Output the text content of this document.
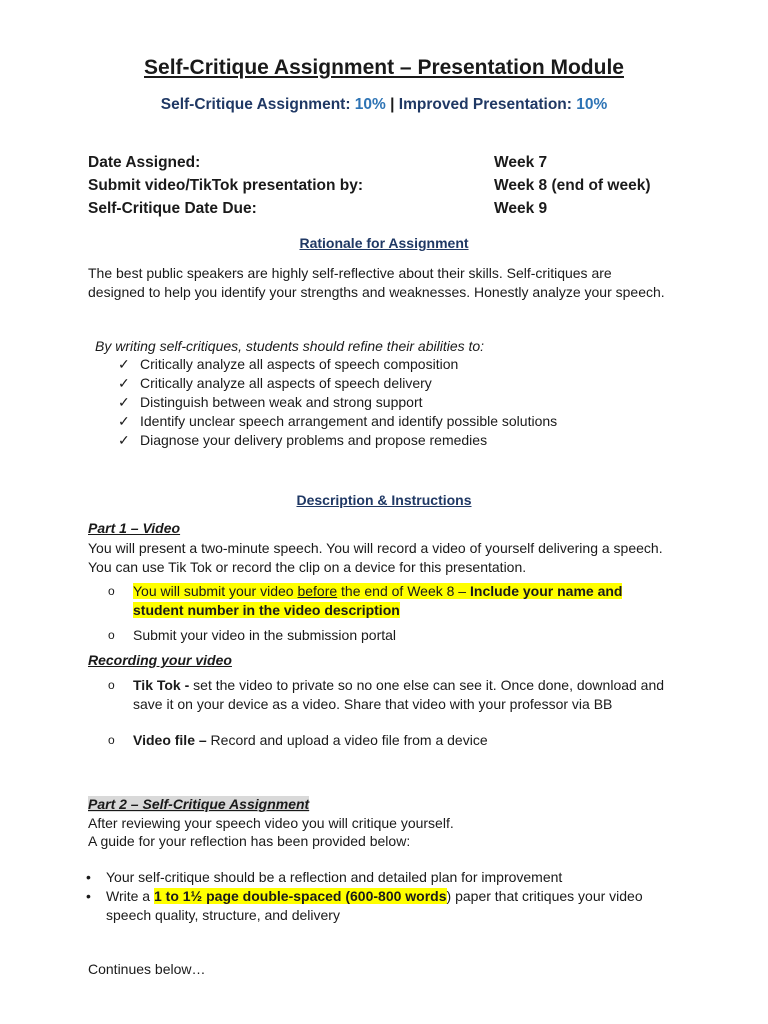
Self-Critique Assignment – Presentation Module
Self-Critique Assignment: 10% | Improved Presentation: 10%
Date Assigned:	Week 7
Submit video/TikTok presentation by:	Week 8 (end of week)
Self-Critique Date Due:	Week 9
Rationale for Assignment
The best public speakers are highly self-reflective about their skills. Self-critiques are designed to help you identify your strengths and weaknesses. Honestly analyze your speech.
By writing self-critiques, students should refine their abilities to:
✓ Critically analyze all aspects of speech composition
✓ Critically analyze all aspects of speech delivery
✓ Distinguish between weak and strong support
✓ Identify unclear speech arrangement and identify possible solutions
✓ Diagnose your delivery problems and propose remedies
Description & Instructions
Part 1 – Video
You will present a two-minute speech. You will record a video of yourself delivering a speech. You can use Tik Tok or record the clip on a device for this presentation.
o You will submit your video before the end of Week 8 – Include your name and student number in the video description
o Submit your video in the submission portal
Recording your video
o Tik Tok - set the video to private so no one else can see it. Once done, download and save it on your device as a video. Share that video with your professor via BB
o Video file – Record and upload a video file from a device
Part 2 – Self-Critique Assignment
After reviewing your speech video you will critique yourself.
A guide for your reflection has been provided below:
• Your self-critique should be a reflection and detailed plan for improvement
• Write a 1 to 1½ page double-spaced (600-800 words) paper that critiques your video speech quality, structure, and delivery
Continues below…
